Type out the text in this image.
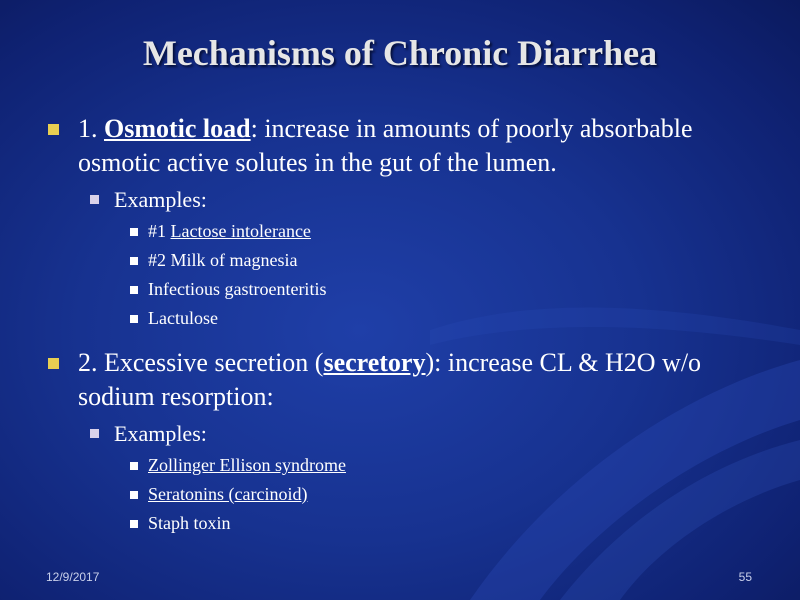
Mechanisms of Chronic Diarrhea
1. Osmotic load: increase in amounts of poorly absorbable osmotic active solutes in the gut of the lumen.
Examples:
#1 Lactose intolerance
#2 Milk of magnesia
Infectious gastroenteritis
Lactulose
2. Excessive secretion (secretory): increase CL & H2O w/o sodium resorption:
Examples:
Zollinger Ellison syndrome
Seratonins (carcinoid)
Staph toxin
12/9/2017	55
